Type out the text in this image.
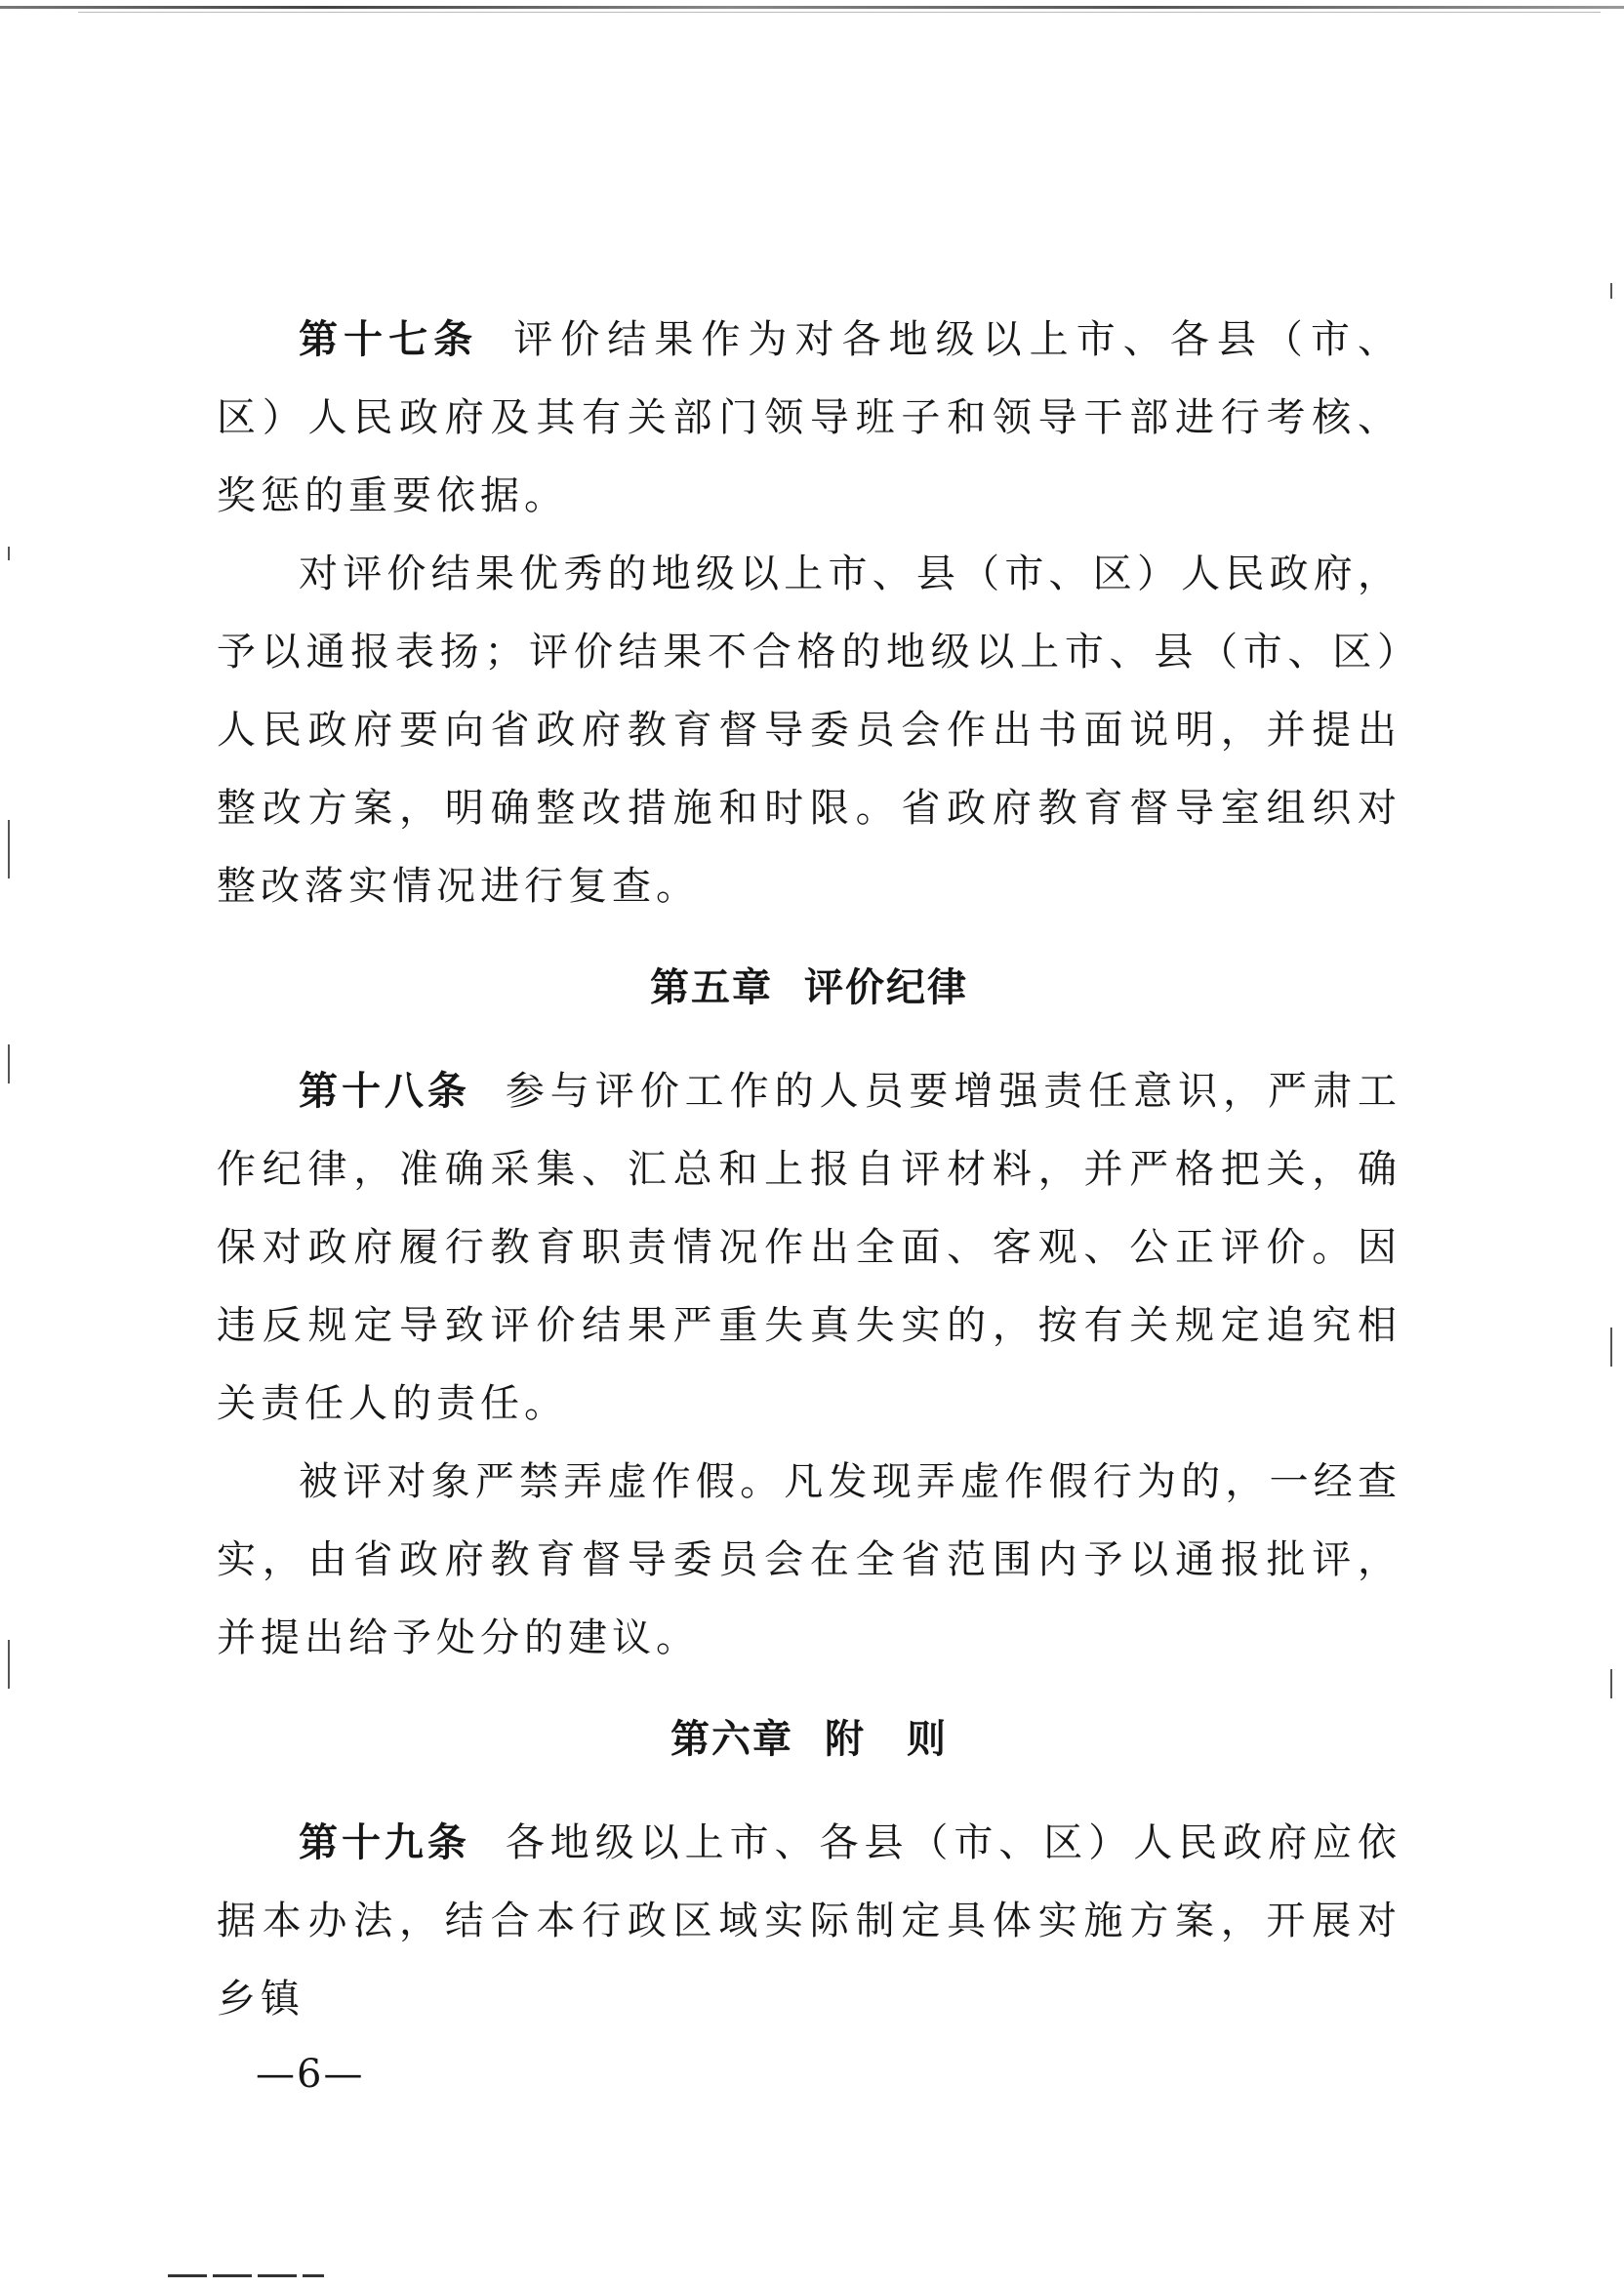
第十七条 评价结果作为对各地级以上市、各县（市、区）人民政府及其有关部门领导班子和领导干部进行考核、奖惩的重要依据。

对评价结果优秀的地级以上市、县（市、区）人民政府，予以通报表扬；评价结果不合格的地级以上市、县（市、区）人民政府要向省政府教育督导委员会作出书面说明，并提出整改方案，明确整改措施和时限。省政府教育督导室组织对整改落实情况进行复查。

第五章 评价纪律

第十八条 参与评价工作的人员要增强责任意识，严肃工作纪律，准确采集、汇总和上报自评材料，并严格把关，确保对政府履行教育职责情况作出全面、客观、公正评价。因违反规定导致评价结果严重失真失实的，按有关规定追究相关责任人的责任。

被评对象严禁弄虚作假。凡发现弄虚作假行为的，一经查实，由省政府教育督导委员会在全省范围内予以通报批评，并提出给予处分的建议。

第六章 附　则

第十九条 各地级以上市、各县（市、区）人民政府应依据本办法，结合本行政区域实际制定具体实施方案，开展对乡镇

—6—
